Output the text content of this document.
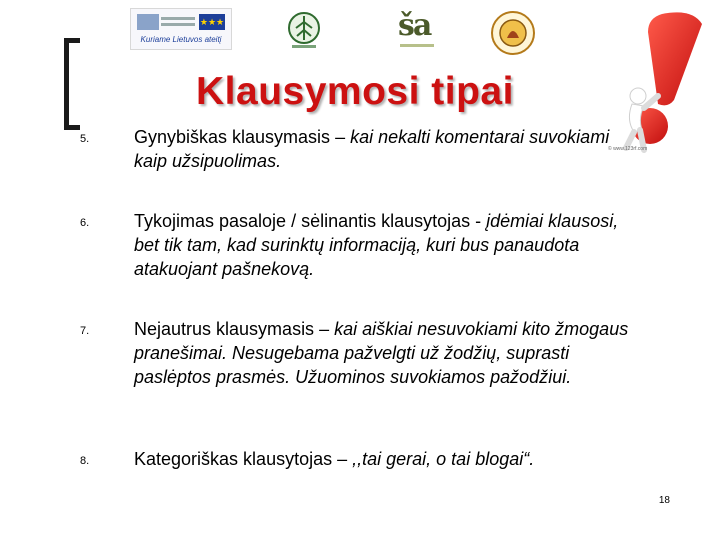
★★★
Kuriame Lietuvos ateitį	ša
Klausymosi tipai
© www.123rf.com
5. Gynybiškas klausymasis – kai nekalti komentarai suvokiami kaip užsipuolimas.
6. Tykojimas pasaloje / sėlinantis klausytojas - įdėmiai klausosi, bet tik tam, kad surinktų informaciją, kuri bus panaudota atakuojant pašnekovą.
7. Nejautrus klausymasis – kai aiškiai nesuvokiami kito žmogaus pranešimai. Nesugebama pažvelgti už žodžių, suprasti paslėptos prasmės. Užuominos suvokiamos pažodžiui.
8. Kategoriškas klausytojas – ,,tai gerai, o tai blogai“.
18
